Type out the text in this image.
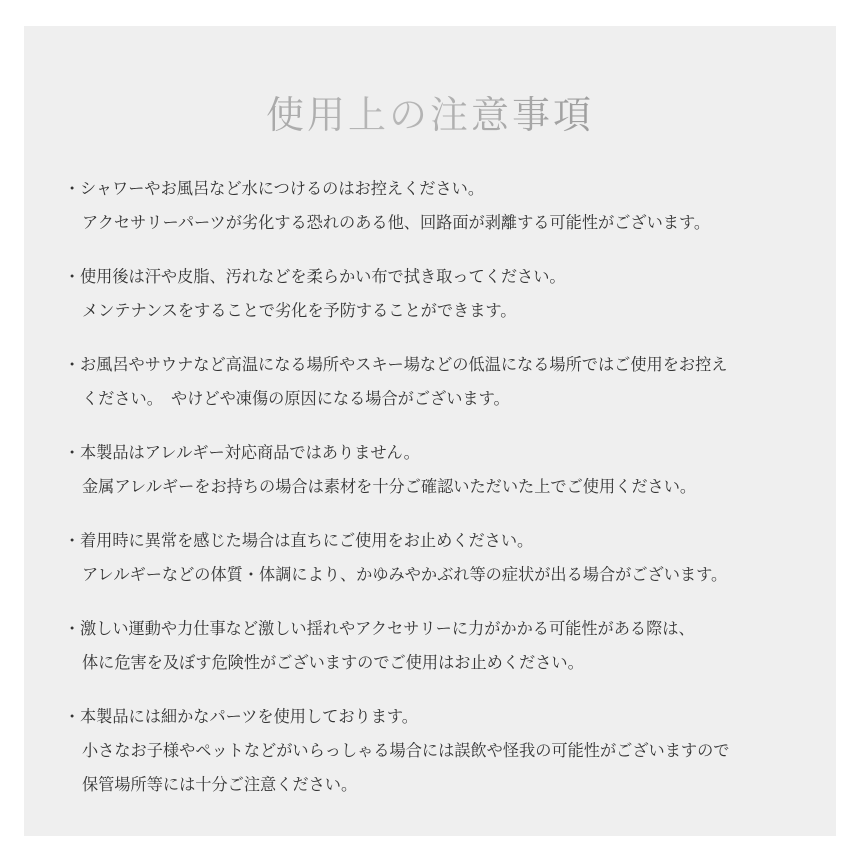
使用上の注意事項
・シャワーやお風呂など水につけるのはお控えください。
アクセサリーパーツが劣化する恐れのある他、回路面が剥離する可能性がございます。
・使用後は汗や皮脂、汚れなどを柔らかい布で拭き取ってください。
メンテナンスをすることで劣化を予防することができます。
・お風呂やサウナなど高温になる場所やスキー場などの低温になる場所ではご使用をお控え
ください。　やけどや凍傷の原因になる場合がございます。
・本製品はアレルギー対応商品ではありません。
金属アレルギーをお持ちの場合は素材を十分ご確認いただいた上でご使用ください。
・着用時に異常を感じた場合は直ちにご使用をお止めください。
アレルギーなどの体質・体調により、かゆみやかぶれ等の症状が出る場合がございます。
・激しい運動や力仕事など激しい揺れやアクセサリーに力がかかる可能性がある際は、
体に危害を及ぼす危険性がございますのでご使用はお止めください。
・本製品には細かなパーツを使用しております。
小さなお子様やペットなどがいらっしゃる場合には誤飲や怪我の可能性がございますので
保管場所等には十分ご注意ください。
